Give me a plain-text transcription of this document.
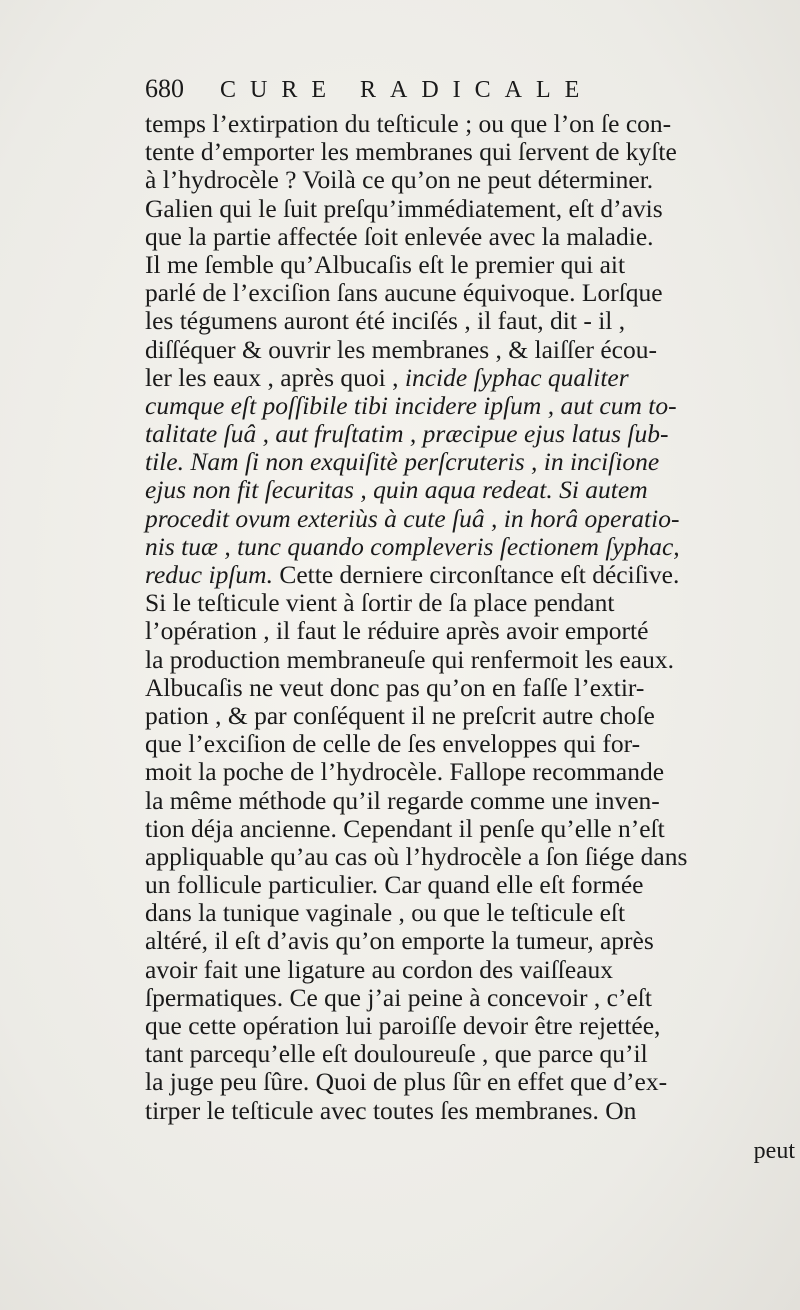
680 CURE RADICALE
temps l’extirpation du teſticule ; ou que l’on ſe con-
tente d’emporter les membranes qui ſervent de kyſte
à l’hydrocèle ? Voilà ce qu’on ne peut déterminer.
Galien qui le ſuit preſqu’immédiatement, eſt d’avis
que la partie affectée ſoit enlevée avec la maladie.
Il me ſemble qu’Albucaſis eſt le premier qui ait
parlé de l’exciſion ſans aucune équivoque. Lorſque
les tégumens auront été inciſés , il faut, dit - il ,
diſſéquer & ouvrir les membranes , & laiſſer écou-
ler les eaux , après quoi , incide ſyphac qualiter
cumque eſt poſſibile tibi incidere ipſum , aut cum to-
talitate ſuâ , aut fruſtatim , præcipue ejus latus ſub-
tile. Nam ſi non exquiſitè perſcruteris , in inciſione
ejus non fit ſecuritas , quin aqua redeat. Si autem
procedit ovum exteriùs à cute ſuâ , in horâ operatio-
nis tuæ , tunc quando compleveris ſectionem ſyphac,
reduc ipſum. Cette derniere circonſtance eſt déciſive.
Si le teſticule vient à ſortir de ſa place pendant
l’opération , il faut le réduire après avoir emporté
la production membraneuſe qui renfermoit les eaux.
Albucaſis ne veut donc pas qu’on en faſſe l’extir-
pation , & par conſéquent il ne preſcrit autre choſe
que l’exciſion de celle de ſes enveloppes qui for-
moit la poche de l’hydrocèle. Fallope recommande
la même méthode qu’il regarde comme une inven-
tion déja ancienne. Cependant il penſe qu’elle n’eſt
appliquable qu’au cas où l’hydrocèle a ſon ſiége dans
un follicule particulier. Car quand elle eſt formée
dans la tunique vaginale , ou que le teſticule eſt
altéré, il eſt d’avis qu’on emporte la tumeur, après
avoir fait une ligature au cordon des vaiſſeaux
ſpermatiques. Ce que j’ai peine à concevoir , c’eſt
que cette opération lui paroiſſe devoir être rejettée,
tant parcequ’elle eſt douloureuſe , que parce qu’il
la juge peu ſûre. Quoi de plus ſûr en effet que d’ex-
tirper le teſticule avec toutes ſes membranes. On
peut
